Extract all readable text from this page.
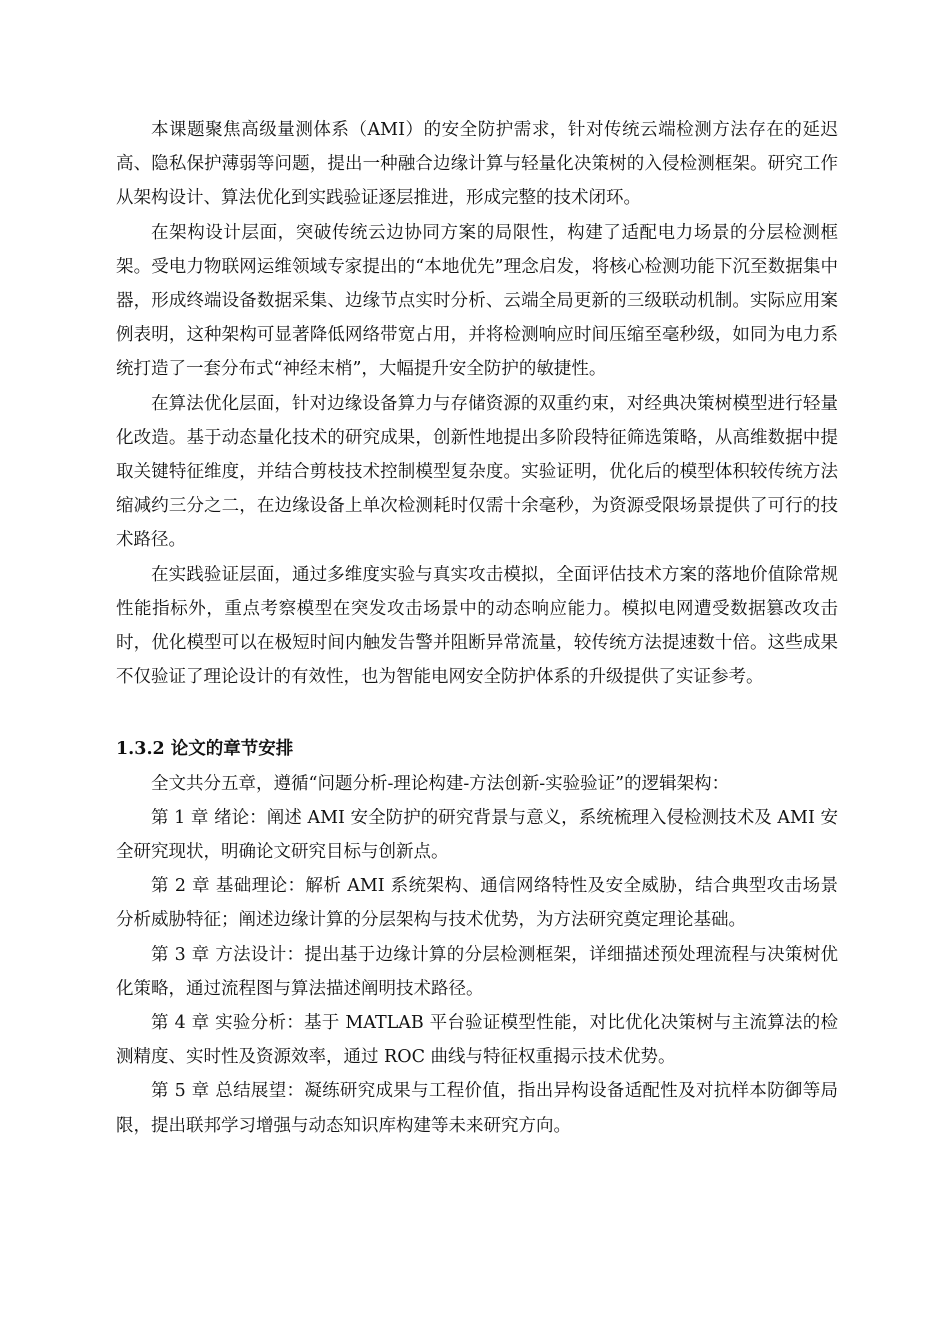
本课题聚焦高级量测体系（AMI）的安全防护需求，针对传统云端检测方法存在的延迟高、隐私保护薄弱等问题，提出一种融合边缘计算与轻量化决策树的入侵检测框架。研究工作从架构设计、算法优化到实践验证逐层推进，形成完整的技术闭环。

在架构设计层面，突破传统云边协同方案的局限性，构建了适配电力场景的分层检测框架。受电力物联网运维领域专家提出的“本地优先”理念启发，将核心检测功能下沉至数据集中器，形成终端设备数据采集、边缘节点实时分析、云端全局更新的三级联动机制。实际应用案例表明，这种架构可显著降低网络带宽占用，并将检测响应时间压缩至毫秒级，如同为电力系统打造了一套分布式“神经末梢”，大幅提升安全防护的敏捷性。

在算法优化层面，针对边缘设备算力与存储资源的双重约束，对经典决策树模型进行轻量化改造。基于动态量化技术的研究成果，创新性地提出多阶段特征筛选策略，从高维数据中提取关键特征维度，并结合剪枝技术控制模型复杂度。实验证明，优化后的模型体积较传统方法缩减约三分之二，在边缘设备上单次检测耗时仅需十余毫秒，为资源受限场景提供了可行的技术路径。

在实践验证层面，通过多维度实验与真实攻击模拟，全面评估技术方案的落地价值除常规性能指标外，重点考察模型在突发攻击场景中的动态响应能力。模拟电网遭受数据篡改攻击时，优化模型可以在极短时间内触发告警并阻断异常流量，较传统方法提速数十倍。这些成果不仅验证了理论设计的有效性，也为智能电网安全防护体系的升级提供了实证参考。

1.3.2 论文的章节安排

全文共分五章，遵循“问题分析-理论构建-方法创新-实验验证”的逻辑架构：

第 1 章 绪论：阐述 AMI 安全防护的研究背景与意义，系统梳理入侵检测技术及 AMI 安全研究现状，明确论文研究目标与创新点。

第 2 章 基础理论：解析 AMI 系统架构、通信网络特性及安全威胁，结合典型攻击场景分析威胁特征；阐述边缘计算的分层架构与技术优势，为方法研究奠定理论基础。

第 3 章 方法设计：提出基于边缘计算的分层检测框架，详细描述预处理流程与决策树优化策略，通过流程图与算法描述阐明技术路径。

第 4 章 实验分析：基于 MATLAB 平台验证模型性能，对比优化决策树与主流算法的检测精度、实时性及资源效率，通过 ROC 曲线与特征权重揭示技术优势。

第 5 章 总结展望：凝练研究成果与工程价值，指出异构设备适配性及对抗样本防御等局限，提出联邦学习增强与动态知识库构建等未来研究方向。
